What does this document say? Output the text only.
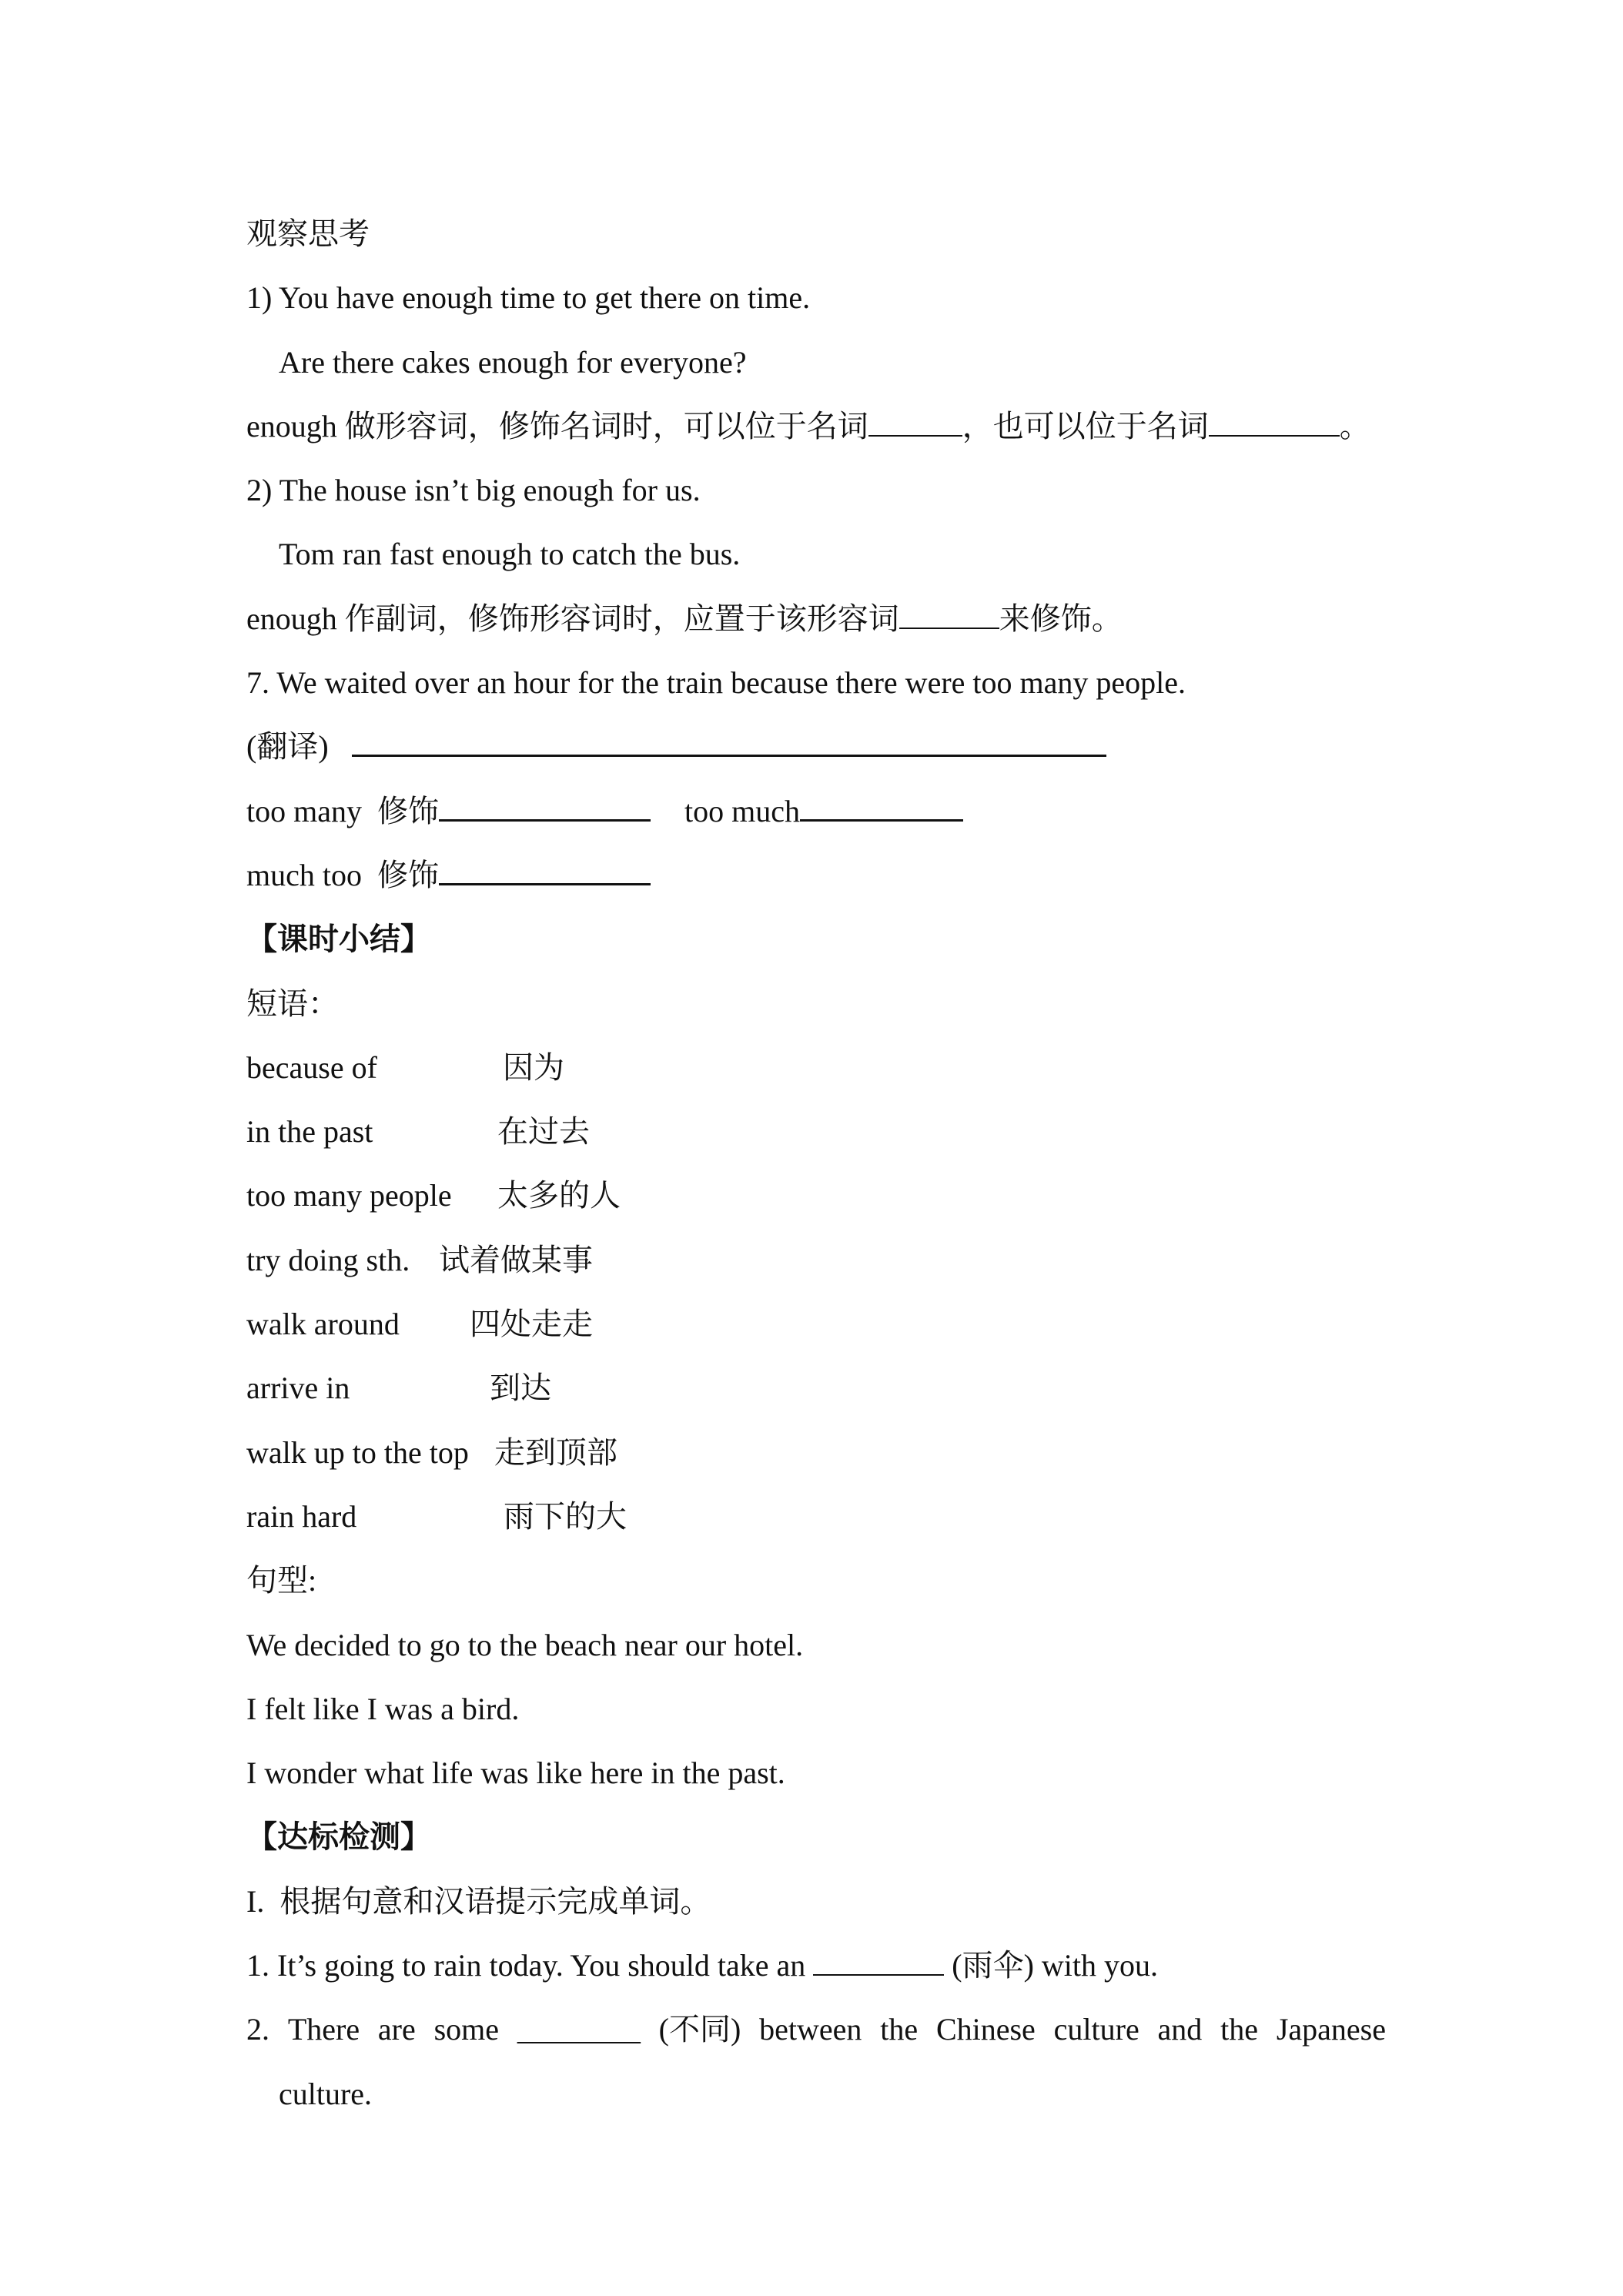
观察思考
1) You have enough time to get there on time.
Are there cakes enough for everyone?
enough 做形容词，修饰名词时，可以位于名词	，也可以位于名词	。
2) The house isn’t big enough for us.
Tom ran fast enough to catch the bus.
enough 作副词，修饰形容词时，应置于该形容词	来修饰。
7. We waited over an hour for the train because there were too many people.
(翻译)
too many  修饰	too much
much too  修饰
【课时小结】
短语：
because of	因为
in the past	在过去
too many people 太多的人
try doing sth. 试着做某事
walk around 四处走走
arrive in	到达
walk up to the top 走到顶部
rain hard	雨下的大
句型:
We decided to go to the beach near our hotel.
I felt like I was a bird.
I wonder what life was like here in the past.
【达标检测】
I.  根据句意和汉语提示完成单词。
1. It’s going to rain today. You should take an	(雨伞) with you.
2. There are some ________ (不同) between the Chinese culture and the Japanese
culture.
